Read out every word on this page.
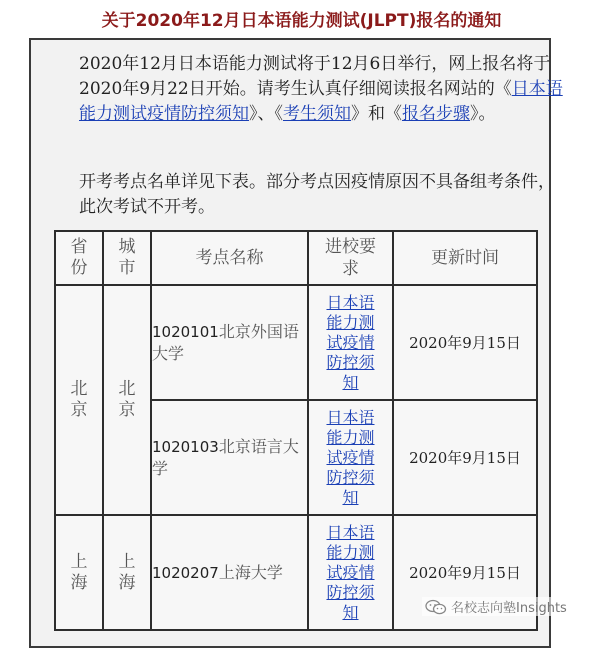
关于2020年12月日本语能力测试(JLPT)报名的通知
2020年12月日本语能力测试将于12月6日举行，网上报名将于2020年9月22日开始。请考生认真仔细阅读报名网站的《日本语能力测试疫情防控须知》、《考生须知》和《报名步骤》。
开考考点名单详见下表。部分考点因疫情原因不具备组考条件，此次考试不开考。
省份	城市	考点名称	进校要求	更新时间
北京	北京	1020101北京外国语大学	日本语能力测试疫情防控须知	2020年9月15日
		1020103北京语言大学	日本语能力测试疫情防控须知	2020年9月15日
上海	上海	1020207上海大学	日本语能力测试疫情防控须知	2020年9月15日
名校志向塾Insights
